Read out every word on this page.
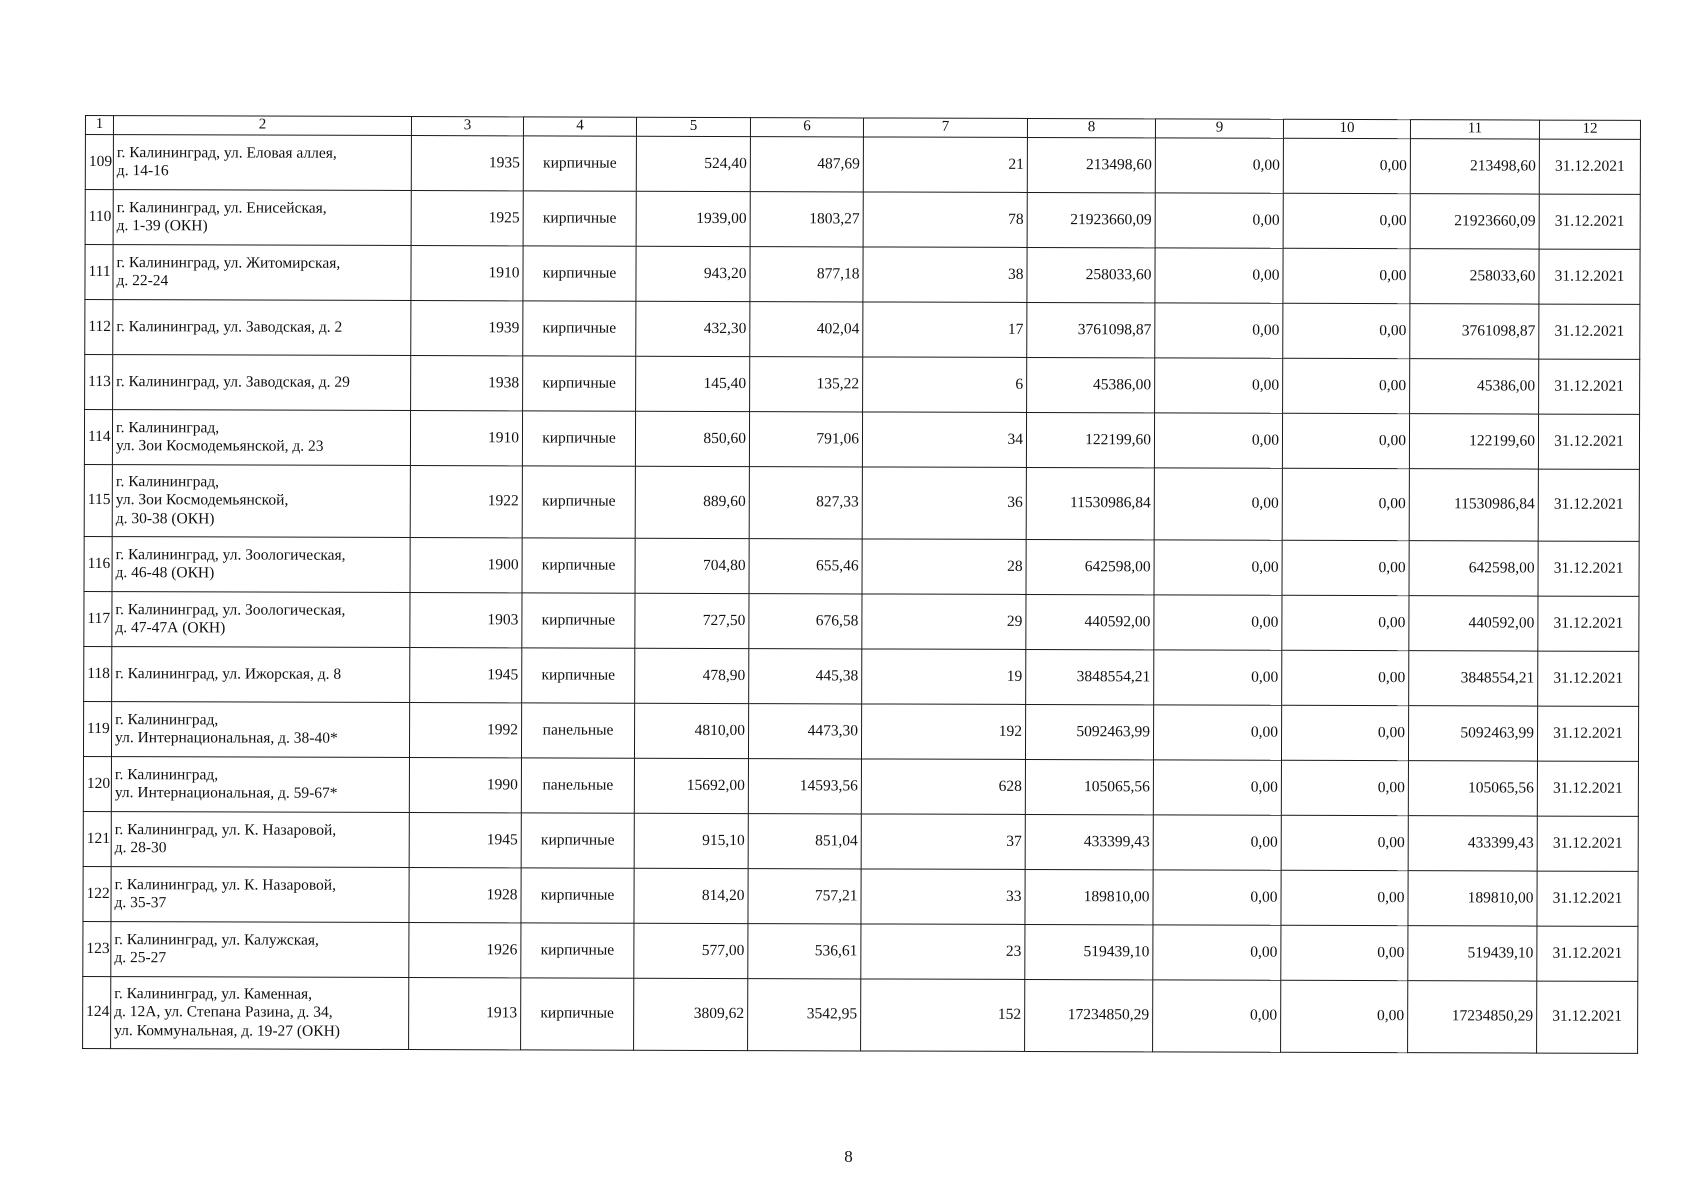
1	2	3	4	5	6	7	8	9	10	11	12
109	г. Калининград, ул. Еловая аллея,
д. 14-16	1935	кирпичные	524,40	487,69	21	213498,60	0,00	0,00	213498,60	31.12.2021
110	г. Калининград, ул. Енисейская,
д. 1-39 (ОКН)	1925	кирпичные	1939,00	1803,27	78	21923660,09	0,00	0,00	21923660,09	31.12.2021
111	г. Калининград, ул. Житомирская,
д. 22-24	1910	кирпичные	943,20	877,18	38	258033,60	0,00	0,00	258033,60	31.12.2021
112	г. Калининград, ул. Заводская, д. 2	1939	кирпичные	432,30	402,04	17	3761098,87	0,00	0,00	3761098,87	31.12.2021
113	г. Калининград, ул. Заводская, д. 29	1938	кирпичные	145,40	135,22	6	45386,00	0,00	0,00	45386,00	31.12.2021
114	г. Калининград,
ул. Зои Космодемьянской, д. 23	1910	кирпичные	850,60	791,06	34	122199,60	0,00	0,00	122199,60	31.12.2021
115	г. Калининград,
ул. Зои Космодемьянской,
д. 30-38 (ОКН)	1922	кирпичные	889,60	827,33	36	11530986,84	0,00	0,00	11530986,84	31.12.2021
116	г. Калининград, ул. Зоологическая,
д. 46-48 (ОКН)	1900	кирпичные	704,80	655,46	28	642598,00	0,00	0,00	642598,00	31.12.2021
117	г. Калининград, ул. Зоологическая,
д. 47-47А (ОКН)	1903	кирпичные	727,50	676,58	29	440592,00	0,00	0,00	440592,00	31.12.2021
118	г. Калининград, ул. Ижорская, д. 8	1945	кирпичные	478,90	445,38	19	3848554,21	0,00	0,00	3848554,21	31.12.2021
119	г. Калининград,
ул. Интернациональная, д. 38-40*	1992	панельные	4810,00	4473,30	192	5092463,99	0,00	0,00	5092463,99	31.12.2021
120	г. Калининград,
ул. Интернациональная, д. 59-67*	1990	панельные	15692,00	14593,56	628	105065,56	0,00	0,00	105065,56	31.12.2021
121	г. Калининград, ул. К. Назаровой,
д. 28-30	1945	кирпичные	915,10	851,04	37	433399,43	0,00	0,00	433399,43	31.12.2021
122	г. Калининград, ул. К. Назаровой,
д. 35-37	1928	кирпичные	814,20	757,21	33	189810,00	0,00	0,00	189810,00	31.12.2021
123	г. Калининград, ул. Калужская,
д. 25-27	1926	кирпичные	577,00	536,61	23	519439,10	0,00	0,00	519439,10	31.12.2021
124	г. Калининград, ул. Каменная,
д. 12А, ул. Степана Разина, д. 34,
ул. Коммунальная, д. 19-27 (ОКН)	1913	кирпичные	3809,62	3542,95	152	17234850,29	0,00	0,00	17234850,29	31.12.2021
8
